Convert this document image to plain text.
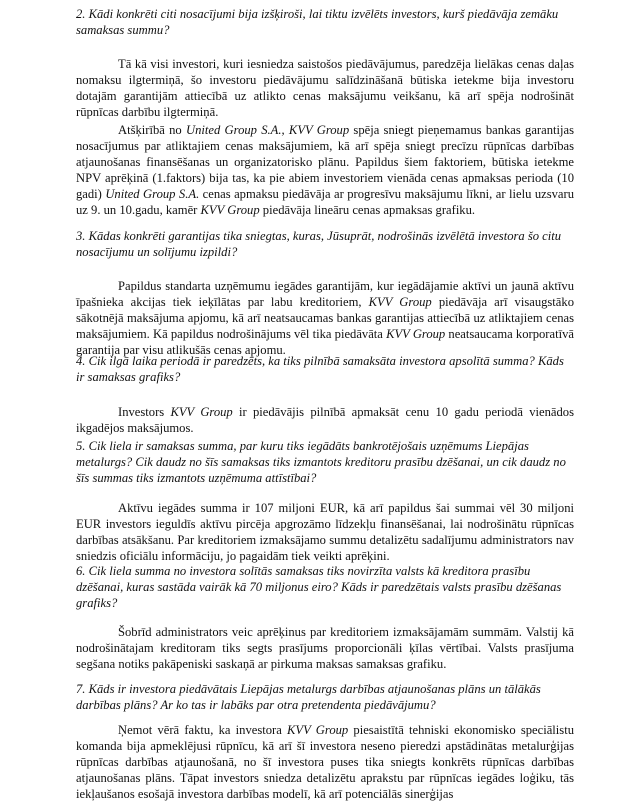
2. Kādi konkrēti citi nosacījumi bija izšķiroši, lai tiktu izvēlēts investors, kurš piedāvāja zemāku samaksas summu?
Tā kā visi investori, kuri iesniedza saistošos piedāvājumus, paredzēja lielākas cenas daļas nomaksu ilgtermiņā, šo investoru piedāvājumu salīdzināšanā būtiska ietekme bija investoru dotajām garantijām attiecībā uz atlikto cenas maksājumu veikšanu, kā arī spēja nodrošināt rūpnīcas darbību ilgtermiņā.
Atšķirībā no United Group S.A., KVV Group spēja sniegt pieņemamus bankas garantijas nosacījumus par atliktajiem cenas maksājumiem, kā arī spēja sniegt precīzu rūpnīcas darbības atjaunošanas finansēšanas un organizatorisko plānu. Papildus šiem faktoriem, būtiska ietekme NPV aprēķinā (1.faktors) bija tas, ka pie abiem investoriem vienāda cenas apmaksas perioda (10 gadi) United Group S.A. cenas apmaksu piedāvāja ar progresīvu maksājumu līkni, ar lielu uzsvaru uz 9. un 10.gadu, kamēr KVV Group piedāvāja lineāru cenas apmaksas grafiku.
3. Kādas konkrēti garantijas tika sniegtas, kuras, Jūsuprāt, nodrošinās izvēlētā investora šo citu nosacījumu un solījumu izpildi?
Papildus standarta uzņēmumu iegādes garantijām, kur iegādājamie aktīvi un jaunā aktīvu īpašnieka akcijas tiek ieķīlātas par labu kreditoriem, KVV Group piedāvāja arī visaugstāko sākotnējā maksājuma apjomu, kā arī neatsaucamas bankas garantijas attiecībā uz atliktajiem cenas maksājumiem. Kā papildus nodrošinājums vēl tika piedāvāta KVV Group neatsaucama korporatīvā garantija par visu atlikušās cenas apjomu.
4. Cik ilgā laika periodā ir paredzēts, ka tiks pilnībā samaksāta investora apsolītā summa? Kāds ir samaksas grafiks?
Investors KVV Group ir piedāvājis pilnībā apmaksāt cenu 10 gadu periodā vienādos ikgadējos maksājumos.
5. Cik liela ir samaksas summa, par kuru tiks iegādāts bankrotējošais uzņēmums Liepājas metalurgs? Cik daudz no šīs samaksas tiks izmantots kreditoru prasību dzēšanai, un cik daudz no šīs summas tiks izmantots uzņēmuma attīstībai?
Aktīvu iegādes summa ir 107 miljoni EUR, kā arī papildus šai summai vēl 30 miljoni EUR investors ieguldīs aktīvu pircēja apgrozāmo līdzekļu finansēšanai, lai nodrošinātu rūpnīcas darbības atsākšanu. Par kreditoriem izmaksājamo summu detalizētu sadalījumu administrators nav sniedzis oficiālu informāciju, jo pagaidām tiek veikti aprēķini.
6. Cik liela summa no investora solītās samaksas tiks novirzīta valsts kā kreditora prasību dzēšanai, kuras sastāda vairāk kā 70 miljonus eiro? Kāds ir paredzētais valsts prasību dzēšanas grafiks?
Šobrīd administrators veic aprēķinus par kreditoriem izmaksājamām summām. Valstij kā nodrošinātajam kreditoram tiks segts prasījums proporcionāli ķīlas vērtībai. Valsts prasījuma segšana notiks pakāpeniski saskaņā ar pirkuma maksas samaksas grafiku.
7. Kāds ir investora piedāvātais Liepājas metalurgs darbības atjaunošanas plāns un tālākās darbības plāns? Ar ko tas ir labāks par otra pretendenta piedāvājumu?
Ņemot vērā faktu, ka investora KVV Group piesaistītā tehniski ekonomisko speciālistu komanda bija apmeklējusi rūpnīcu, kā arī šī investora neseno pieredzi apstādinātas metalurģijas rūpnīcas darbības atjaunošanā, no šī investora puses tika sniegts konkrēts rūpnīcas darbības atjaunošanas plāns. Tāpat investors sniedza detalizētu aprakstu par rūpnīcas iegādes loģiku, tās iekļaušanos esošajā investora darbības modelī, kā arī potenciālās sinerģijas
